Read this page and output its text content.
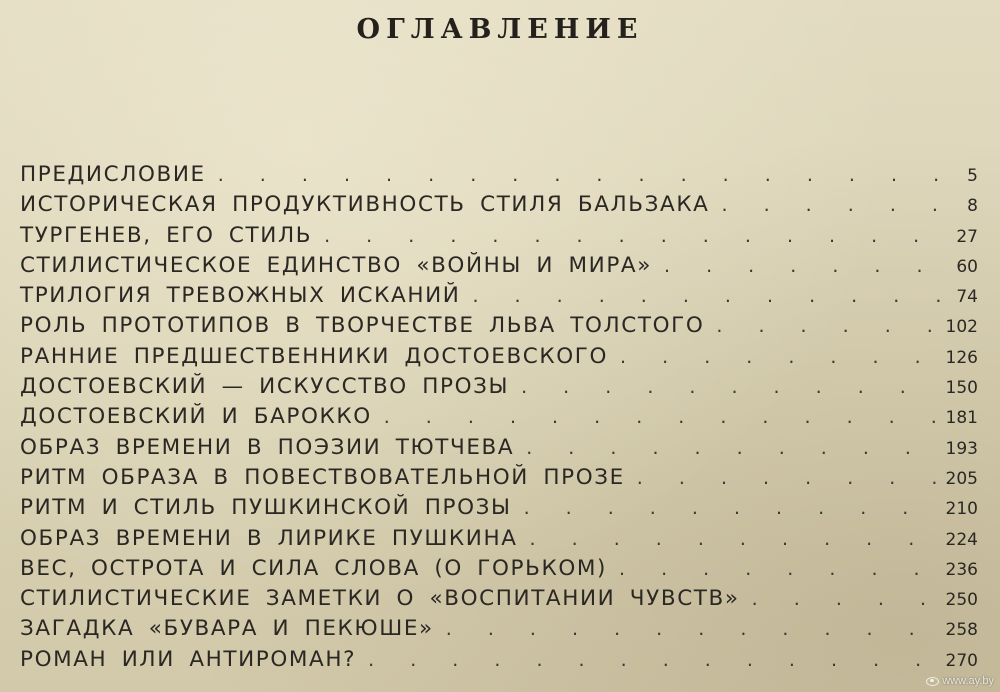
ОГЛАВЛЕНИЕ
ПРЕДИСЛОВИЕ . . .	5
ИСТОРИЧЕСКАЯ ПРОДУКТИВНОСТЬ СТИЛЯ БАЛЬЗАКА . . .	8
ТУРГЕНЕВ, ЕГО СТИЛЬ . . .	27
СТИЛИСТИЧЕСКОЕ ЕДИНСТВО «ВОЙНЫ И МИРА» . . .	60
ТРИЛОГИЯ ТРЕВОЖНЫХ ИСКАНИЙ . . .	74
РОЛЬ ПРОТОТИПОВ В ТВОРЧЕСТВЕ ЛЬВА ТОЛСТОГО . . .	102
РАННИЕ ПРЕДШЕСТВЕННИКИ ДОСТОЕВСКОГО . . .	126
ДОСТОЕВСКИЙ — ИСКУССТВО ПРОЗЫ . . .	150
ДОСТОЕВСКИЙ И БАРОККО . . .	181
ОБРАЗ ВРЕМЕНИ В ПОЭЗИИ ТЮТЧЕВА . . .	193
РИТМ ОБРАЗА В ПОВЕСТВОВАТЕЛЬНОЙ ПРОЗЕ . . .	205
РИТМ И СТИЛЬ ПУШКИНСКОЙ ПРОЗЫ . . .	210
ОБРАЗ ВРЕМЕНИ В ЛИРИКЕ ПУШКИНА . . .	224
ВЕС, ОСТРОТА И СИЛА СЛОВА (О ГОРЬКОМ) . . .	236
СТИЛИСТИЧЕСКИЕ ЗАМЕТКИ О «ВОСПИТАНИИ ЧУВСТВ» . . .	250
ЗАГАДКА «БУВАРА И ПЕКЮШЕ» . . .	258
РОМАН ИЛИ АНТИРОМАН? . . .	270
www.ay.by
